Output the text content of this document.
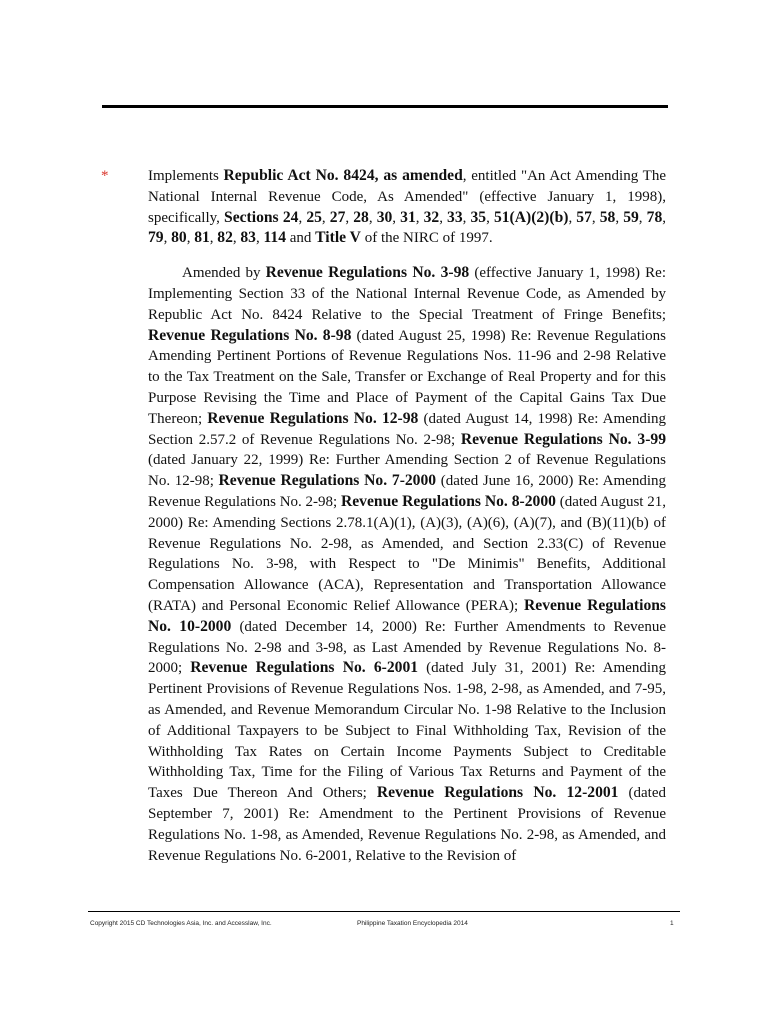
*	Implements Republic Act No. 8424, as amended, entitled "An Act Amending The National Internal Revenue Code, As Amended" (effective January 1, 1998), specifically, Sections 24, 25, 27, 28, 30, 31, 32, 33, 35, 51(A)(2)(b), 57, 58, 59, 78, 79, 80, 81, 82, 83, 114 and Title V of the NIRC of 1997.

Amended by Revenue Regulations No. 3-98 (effective January 1, 1998) Re: Implementing Section 33 of the National Internal Revenue Code, as Amended by Republic Act No. 8424 Relative to the Special Treatment of Fringe Benefits; Revenue Regulations No. 8-98 (dated August 25, 1998) Re: Revenue Regulations Amending Pertinent Portions of Revenue Regulations Nos. 11-96 and 2-98 Relative to the Tax Treatment on the Sale, Transfer or Exchange of Real Property and for this Purpose Revising the Time and Place of Payment of the Capital Gains Tax Due Thereon; Revenue Regulations No. 12-98 (dated August 14, 1998) Re: Amending Section 2.57.2 of Revenue Regulations No. 2-98; Revenue Regulations No. 3-99 (dated January 22, 1999) Re: Further Amending Section 2 of Revenue Regulations No. 12-98; Revenue Regulations No. 7-2000 (dated June 16, 2000) Re: Amending Revenue Regulations No. 2-98; Revenue Regulations No. 8-2000 (dated August 21, 2000) Re: Amending Sections 2.78.1(A)(1), (A)(3), (A)(6), (A)(7), and (B)(11)(b) of Revenue Regulations No. 2-98, as Amended, and Section 2.33(C) of Revenue Regulations No. 3-98, with Respect to "De Minimis" Benefits, Additional Compensation Allowance (ACA), Representation and Transportation Allowance (RATA) and Personal Economic Relief Allowance (PERA); Revenue Regulations No. 10-2000 (dated December 14, 2000) Re: Further Amendments to Revenue Regulations No. 2-98 and 3-98, as Last Amended by Revenue Regulations No. 8-2000; Revenue Regulations No. 6-2001 (dated July 31, 2001) Re: Amending Pertinent Provisions of Revenue Regulations Nos. 1-98, 2-98, as Amended, and 7-95, as Amended, and Revenue Memorandum Circular No. 1-98 Relative to the Inclusion of Additional Taxpayers to be Subject to Final Withholding Tax, Revision of the Withholding Tax Rates on Certain Income Payments Subject to Creditable Withholding Tax, Time for the Filing of Various Tax Returns and Payment of the Taxes Due Thereon And Others; Revenue Regulations No. 12-2001 (dated September 7, 2001) Re: Amendment to the Pertinent Provisions of Revenue Regulations No. 1-98, as Amended, Revenue Regulations No. 2-98, as Amended, and Revenue Regulations No. 6-2001, Relative to the Revision of

Copyright 2015 CD Technologies Asia, Inc. and Accesslaw, Inc.	Philippine Taxation Encyclopedia 2014	1
